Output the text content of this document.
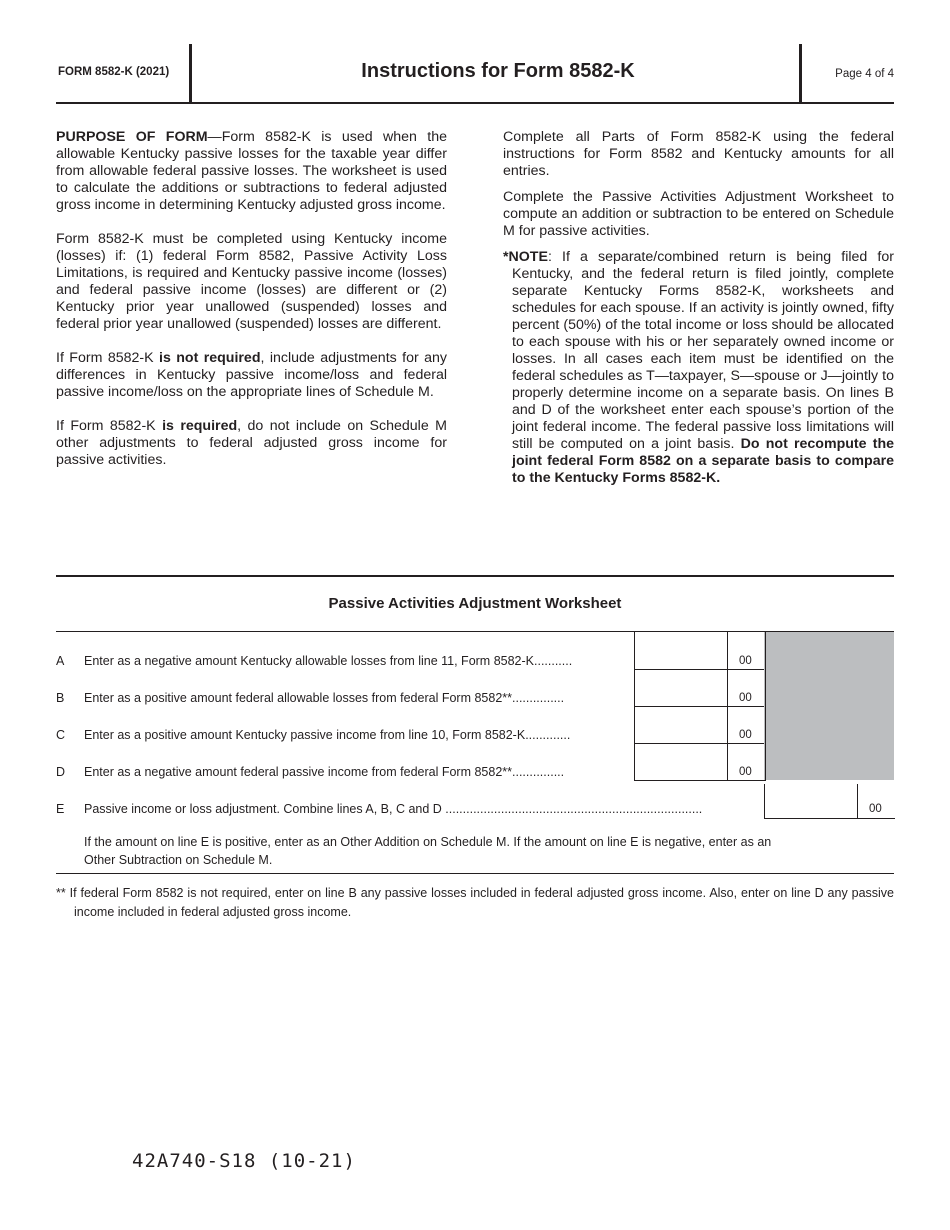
FORM 8582-K (2021)	Instructions for Form 8582-K	Page 4 of 4

PURPOSE OF FORM—Form 8582-K is used when the allowable Kentucky passive losses for the taxable year differ from allowable federal passive losses. The worksheet is used to calculate the additions or subtractions to federal adjusted gross income in determining Kentucky adjusted gross income.

Form 8582-K must be completed using Kentucky income (losses) if: (1) federal Form 8582, Passive Activity Loss Limitations, is required and Kentucky passive income (losses) and federal passive income (losses) are different or (2) Kentucky prior year unallowed (suspended) losses and federal prior year unallowed (suspended) losses are different.

If Form 8582-K is not required, include adjustments for any differences in Kentucky passive income/loss and federal passive income/loss on the appropriate lines of Schedule M.

If Form 8582-K is required, do not include on Schedule M other adjustments to federal adjusted gross income for passive activities.

Complete all Parts of Form 8582-K using the federal instructions for Form 8582 and Kentucky amounts for all entries.

Complete the Passive Activities Adjustment Worksheet to compute an addition or subtraction to be entered on Schedule M for passive activities.

*NOTE: If a separate/combined return is being filed for Kentucky, and the federal return is filed jointly, complete separate Kentucky Forms 8582-K, worksheets and schedules for each spouse. If an activity is jointly owned, fifty percent (50%) of the total income or loss should be allocated to each spouse with his or her separately owned income or losses. In all cases each item must be identified on the federal schedules as T—taxpayer, S—spouse or J—jointly to properly determine income on a separate basis. On lines B and D of the worksheet enter each spouse’s portion of the joint federal income. The federal passive loss limitations will still be computed on a joint basis. Do not recompute the joint federal Form 8582 on a separate basis to compare to the Kentucky Forms 8582-K.

Passive Activities Adjustment Worksheet
A Enter as a negative amount Kentucky allowable losses from line 11, Form 8582-K...........	00
B Enter as a positive amount federal allowable losses from federal Form 8582**...............	00
C Enter as a positive amount Kentucky passive income from line 10, Form 8582-K.............	00
D Enter as a negative amount federal passive income from federal Form 8582**...............	00
E Passive income or loss adjustment. Combine lines A, B, C and D ..........................................................................	00
If the amount on line E is positive, enter as an Other Addition on Schedule M. If the amount on line E is negative, enter as an Other Subtraction on Schedule M.
** If federal Form 8582 is not required, enter on line B any passive losses included in federal adjusted gross income. Also, enter on line D any passive income included in federal adjusted gross income.
42A740-S18 (10-21)
